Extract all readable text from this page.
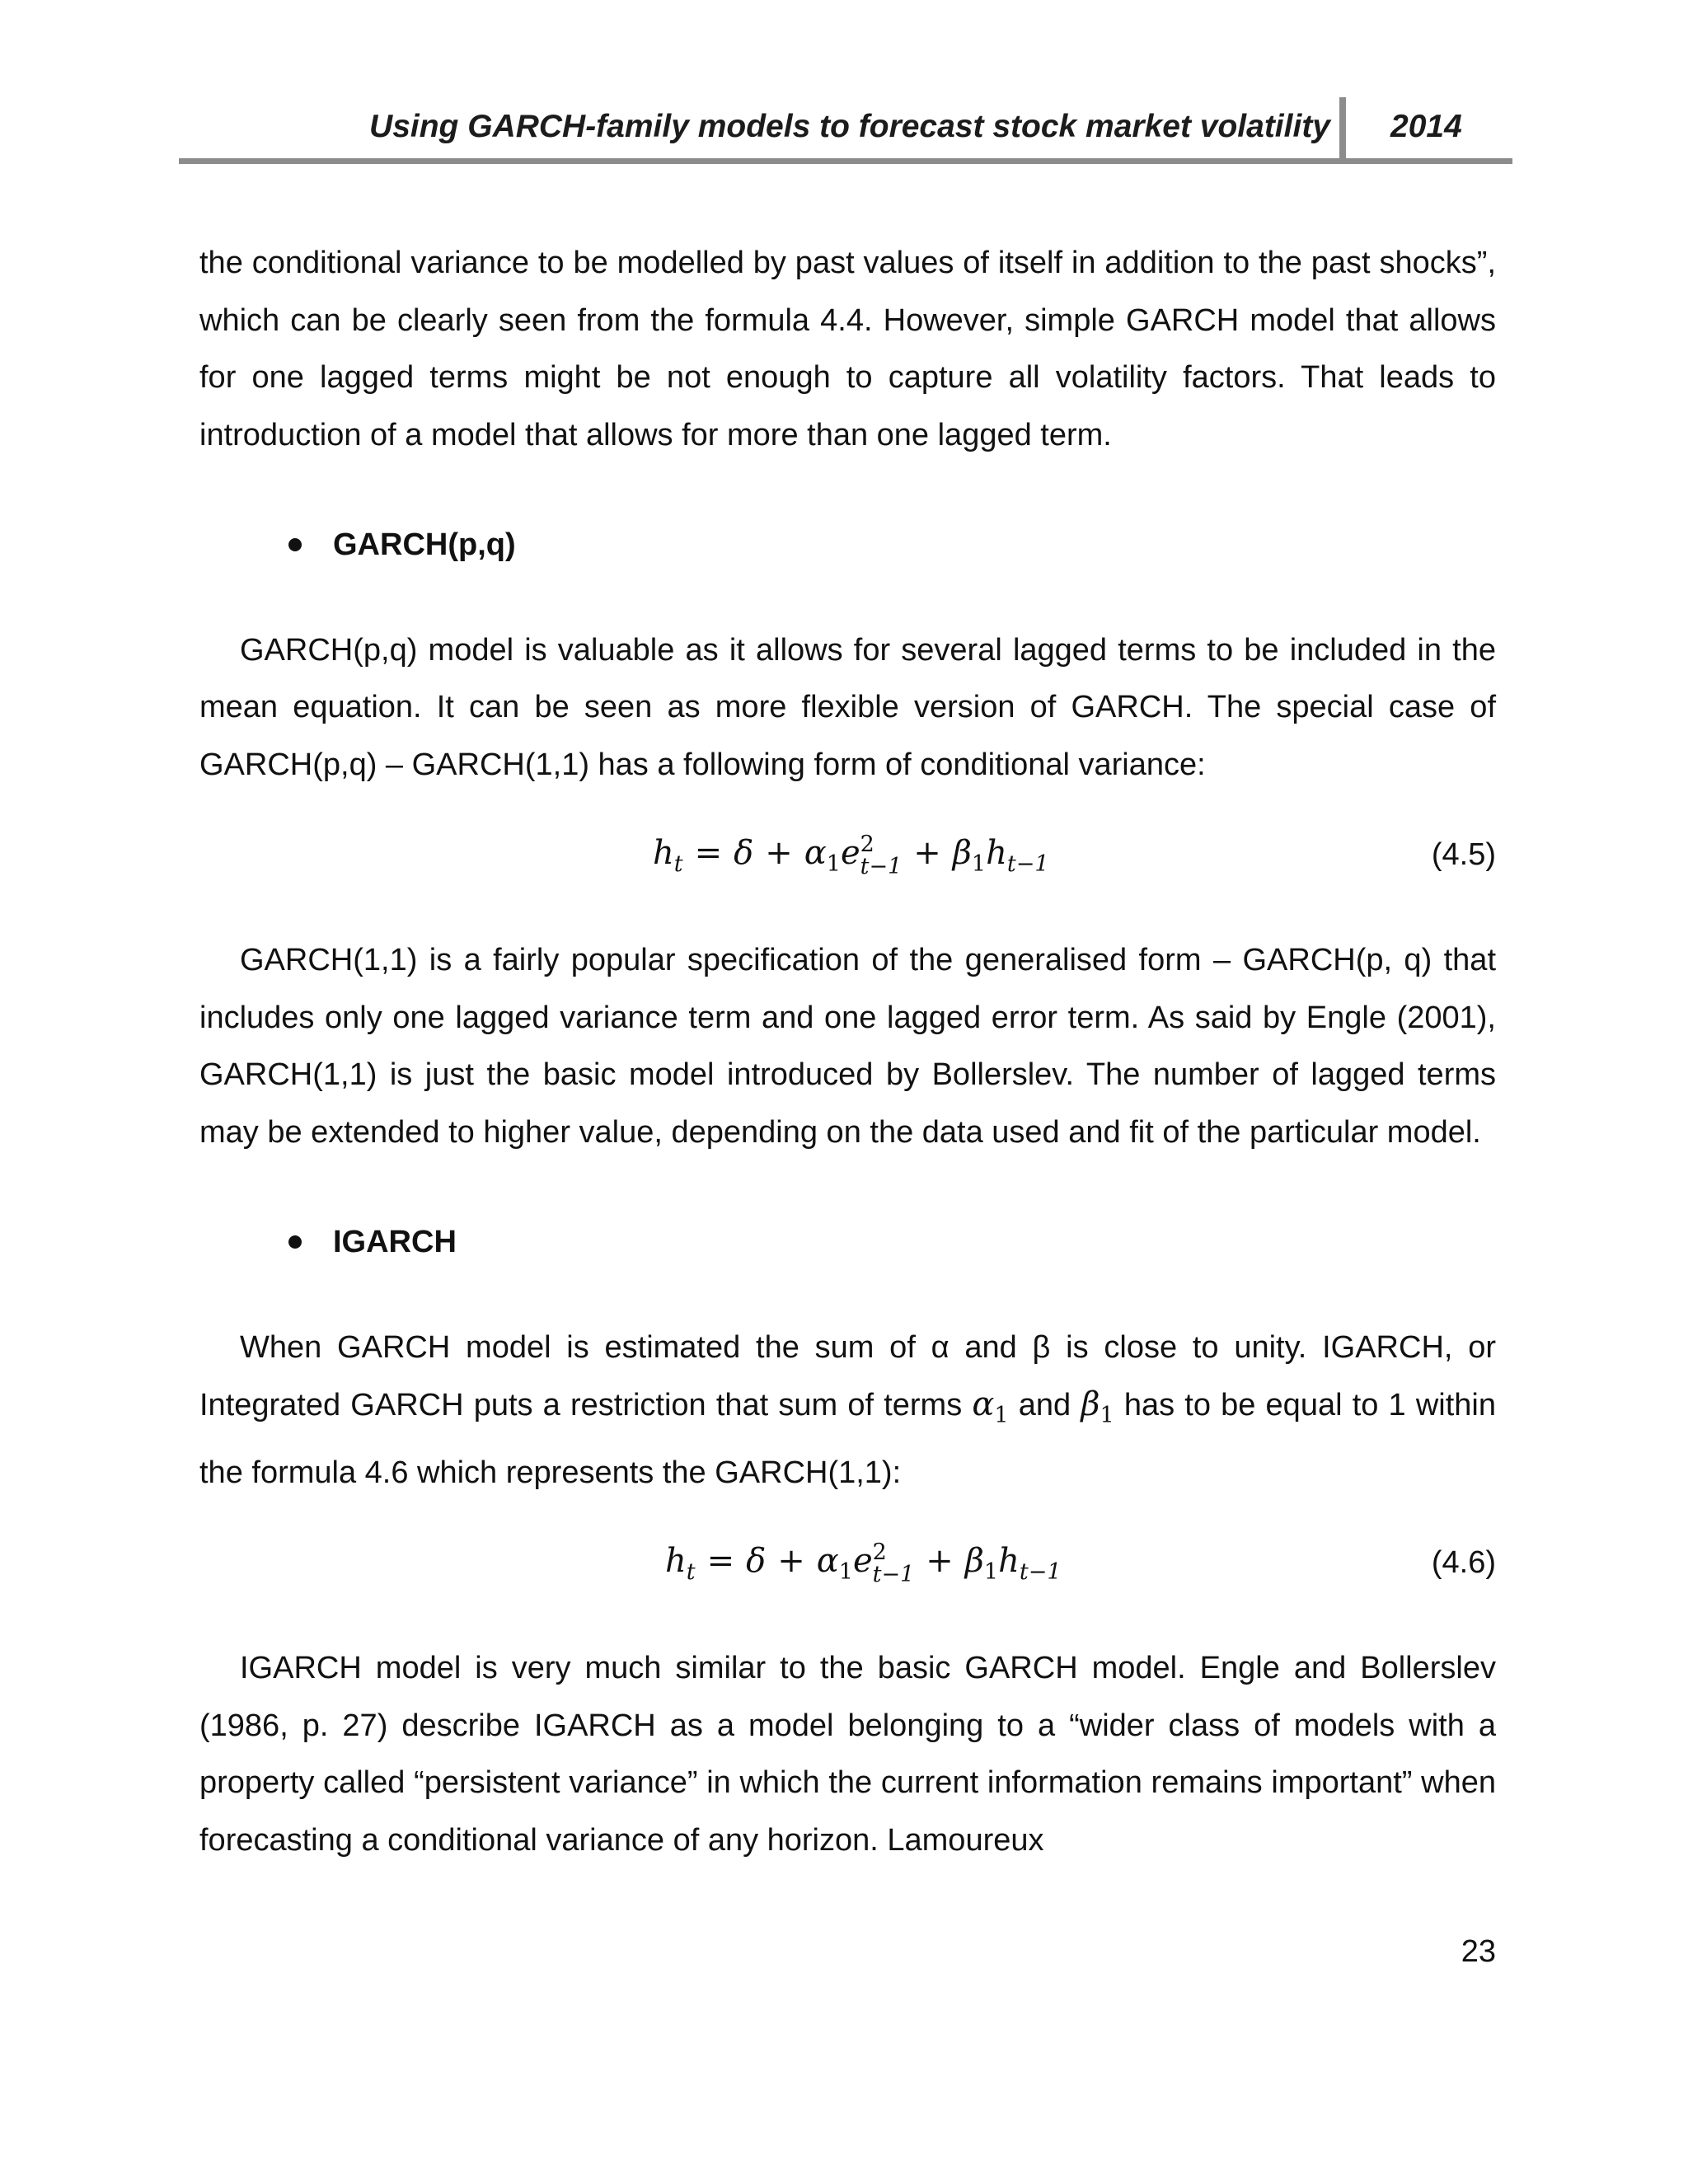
Using GARCH-family models to forecast stock market volatility 2014

the conditional variance to be modelled by past values of itself in addition to the past shocks”, which can be clearly seen from the formula 4.4. However, simple GARCH model that allows for one lagged terms might be not enough to capture all volatility factors. That leads to introduction of a model that allows for more than one lagged term.

GARCH(p,q)

GARCH(p,q) model is valuable as it allows for several lagged terms to be included in the mean equation. It can be seen as more flexible version of GARCH. The special case of GARCH(p,q) – GARCH(1,1) has a following form of conditional variance:

$h_t = \delta + \alpha_1e$ 2
$t-1 + \beta_1h_{t-1}$	(4.5)

GARCH(1,1) is a fairly popular specification of the generalised form – GARCH(p, q) that includes only one lagged variance term and one lagged error term. As said by Engle (2001), GARCH(1,1) is just the basic model introduced by Bollerslev. The number of lagged terms may be extended to higher value, depending on the data used and fit of the particular model.

IGARCH

When GARCH model is estimated the sum of α and β is close to unity. IGARCH, or Integrated GARCH puts a restriction that sum of terms $\alpha_1$ and $\beta_1$ has to be equal to 1 within the formula 4.6 which represents the GARCH(1,1):

$h_t = \delta + \alpha_1e$ 2
$t-1 + \beta_1h_{t-1}$	(4.6)

IGARCH model is very much similar to the basic GARCH model. Engle and Bollerslev (1986, p. 27) describe IGARCH as a model belonging to a “wider class of models with a property called “persistent variance” in which the current information remains important” when forecasting a conditional variance of any horizon. Lamoureux

23
